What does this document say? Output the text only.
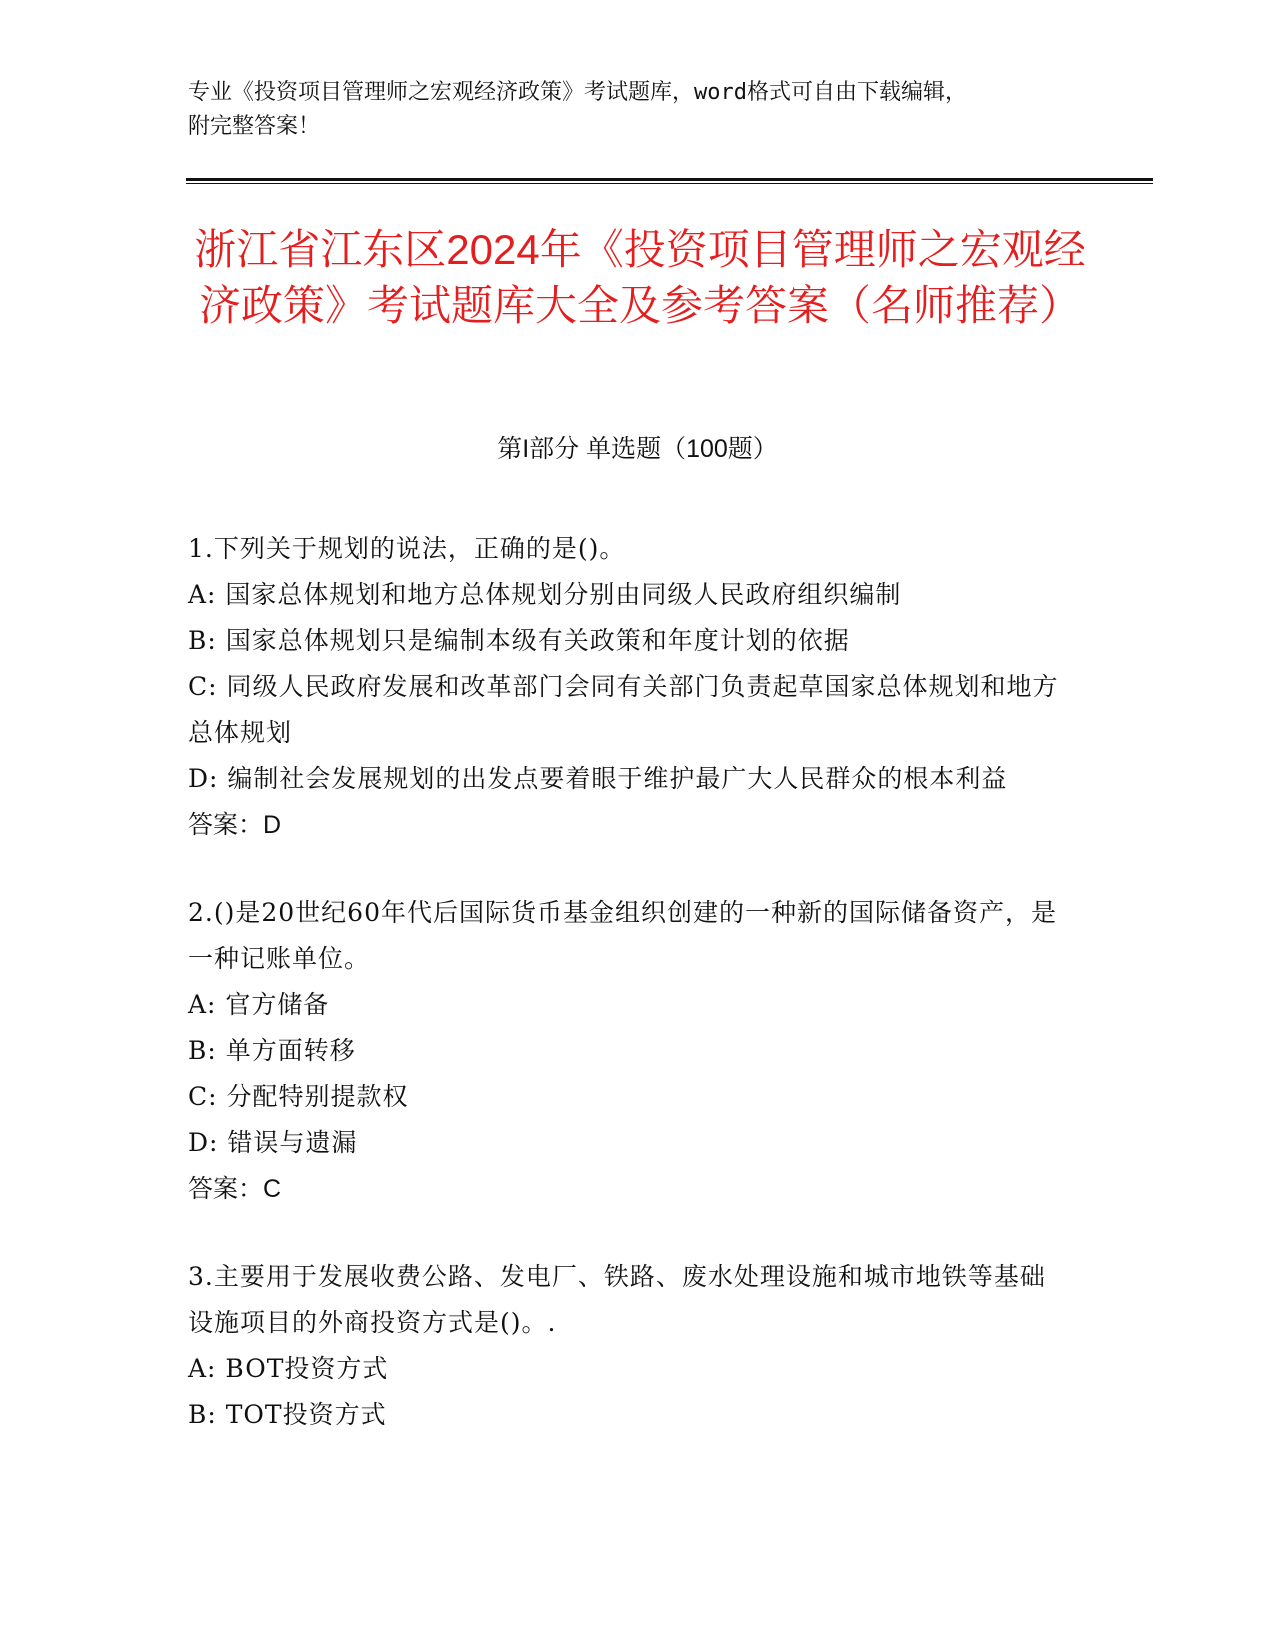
专业《投资项目管理师之宏观经济政策》考试题库，word格式可自由下载编辑，
附完整答案！
浙江省江东区2024年《投资项目管理师之宏观经济政策》考试题库大全及参考答案（名师推荐）
第I部分 单选题（100题）

1.下列关于规划的说法，正确的是()。

A: 国家总体规划和地方总体规划分别由同级人民政府组织编制

B: 国家总体规划只是编制本级有关政策和年度计划的依据

C: 同级人民政府发展和改革部门会同有关部门负责起草国家总体规划和地方总体规划

D: 编制社会发展规划的出发点要着眼于维护最广大人民群众的根本利益

答案：D

2.()是20世纪60年代后国际货币基金组织创建的一种新的国际储备资产，是一种记账单位。

A: 官方储备

B: 单方面转移

C: 分配特别提款权

D: 错误与遗漏

答案：C

3.主要用于发展收费公路、发电厂、铁路、废水处理设施和城市地铁等基础设施项目的外商投资方式是()。.

A: BOT投资方式

B: TOT投资方式
